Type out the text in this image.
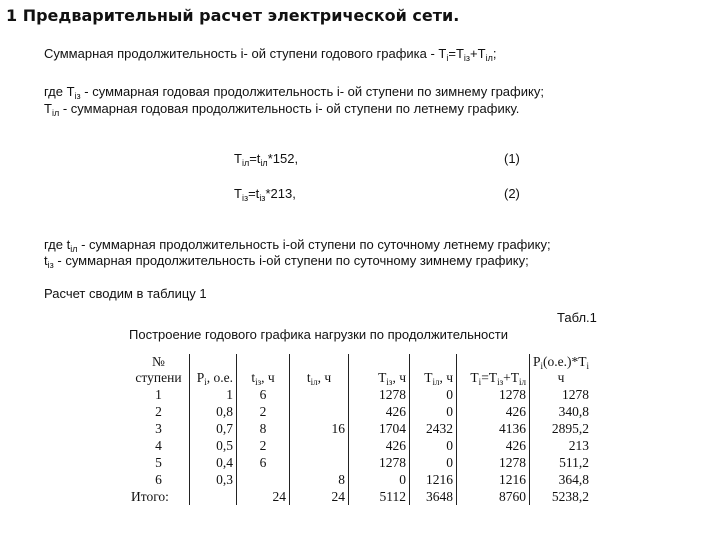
1 Предварительный расчет электрической сети.
Суммарная продолжительность i- ой ступени годового графика - $T_i=T_{iз}+T_{iл}$;
где $T_{iз}$ - суммарная годовая продолжительность i- ой ступени по зимнему графику;
$T_{iл}$ - суммарная годовая продолжительность i- ой ступени по летнему графику.
$T_{iл}=t_{iл}*152$,	(1)
$T_{iз}=t_{iз}*213$,	(2)
где $t_{iл}$ - суммарная продолжительность i-ой ступени по суточному летнему графику;
$t_{iз}$ - суммарная продолжительность i-ой ступени по суточному зимнему графику;
Расчет сводим в таблицу 1
Табл.1
Построение годового графика нагрузки по продолжительности
№
ступени	$P_i$, о.е.	$t_{iз}$, ч	$t_{iл}$, ч	$T_{iз}$, ч	$T_{iл}$, ч	$T_i=T_{iз}+T_{iл}$	$P_i(о.е.)*T_i$
ч
1	1	6		1278	0	1278	1278
2	0,8	2		426	0	426	340,8
3	0,7	8	16	1704	2432	4136	2895,2
4	0,5	2		426	0	426	213
5	0,4	6		1278	0	1278	511,2
6	0,3		8	0	1216	1216	364,8
Итого:		24	24	5112	3648	8760	5238,2
